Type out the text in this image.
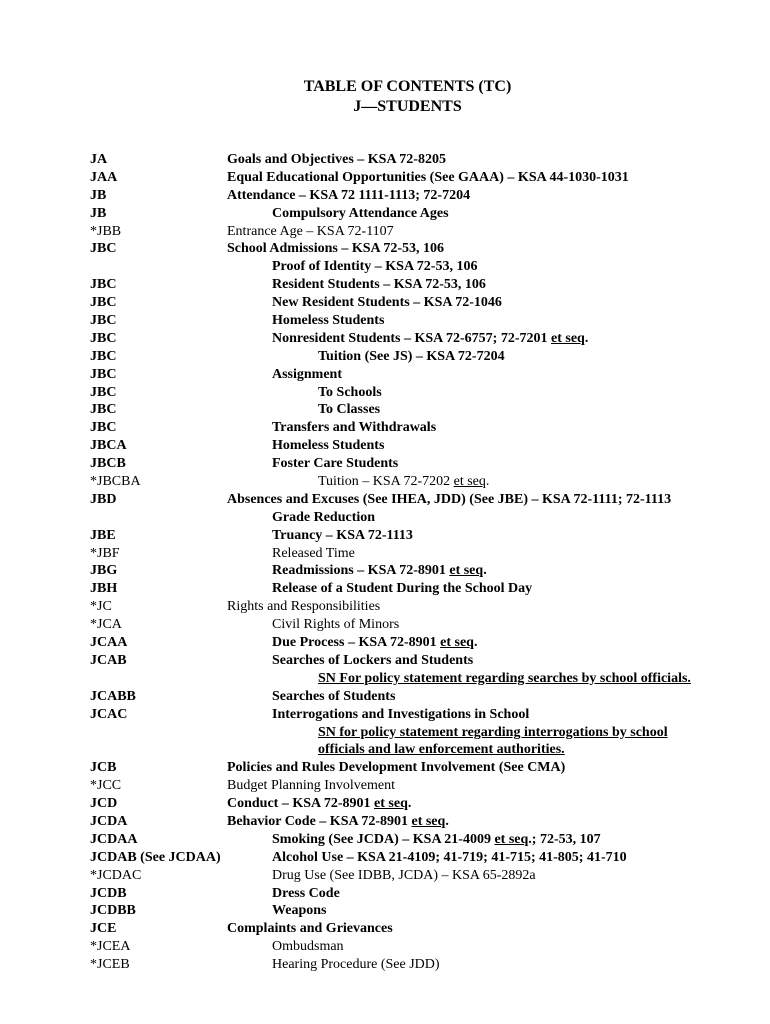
TABLE OF CONTENTS (TC)
J—STUDENTS
JA	Goals and Objectives – KSA 72-8205
JAA	Equal Educational Opportunities (See GAAA) – KSA 44-1030-1031
JB	Attendance – KSA 72 1111-1113; 72-7204
JB	Compulsory Attendance Ages
*JBB	Entrance Age – KSA 72-1107
JBC	School Admissions – KSA 72-53, 106
Proof of Identity – KSA 72-53, 106
JBC	Resident Students – KSA 72-53, 106
JBC	New Resident Students – KSA 72-1046
JBC	Homeless Students
JBC	Nonresident Students – KSA 72-6757; 72-7201 et seq.
JBC	Tuition (See JS) – KSA 72-7204
JBC	Assignment
JBC	To Schools
JBC	To Classes
JBC	Transfers and Withdrawals
JBCA	Homeless Students
JBCB	Foster Care Students
*JBCBA	Tuition – KSA 72-7202 et seq.
JBD	Absences and Excuses (See IHEA, JDD) (See JBE) – KSA 72-1111; 72-1113
Grade Reduction
JBE	Truancy – KSA 72-1113
*JBF	Released Time
JBG	Readmissions – KSA 72-8901 et seq.
JBH	Release of a Student During the School Day
*JC	Rights and Responsibilities
*JCA	Civil Rights of Minors
JCAA	Due Process – KSA 72-8901 et seq.
JCAB	Searches of Lockers and Students
SN For policy statement regarding searches by school officials.
JCABB	Searches of Students
JCAC	Interrogations and Investigations in School
SN for policy statement regarding interrogations by school
officials and law enforcement authorities.
JCB	Policies and Rules Development Involvement (See CMA)
*JCC	Budget Planning Involvement
JCD	Conduct – KSA 72-8901 et seq.
JCDA	Behavior Code – KSA 72-8901 et seq.
JCDAA	Smoking (See JCDA) – KSA 21-4009 et seq.; 72-53, 107
JCDAB (See JCDAA)	Alcohol Use – KSA 21-4109; 41-719; 41-715; 41-805; 41-710
*JCDAC	Drug Use (See IDBB, JCDA) – KSA 65-2892a
JCDB	Dress Code
JCDBB	Weapons
JCE	Complaints and Grievances
*JCEA	Ombudsman
*JCEB	Hearing Procedure (See JDD)
